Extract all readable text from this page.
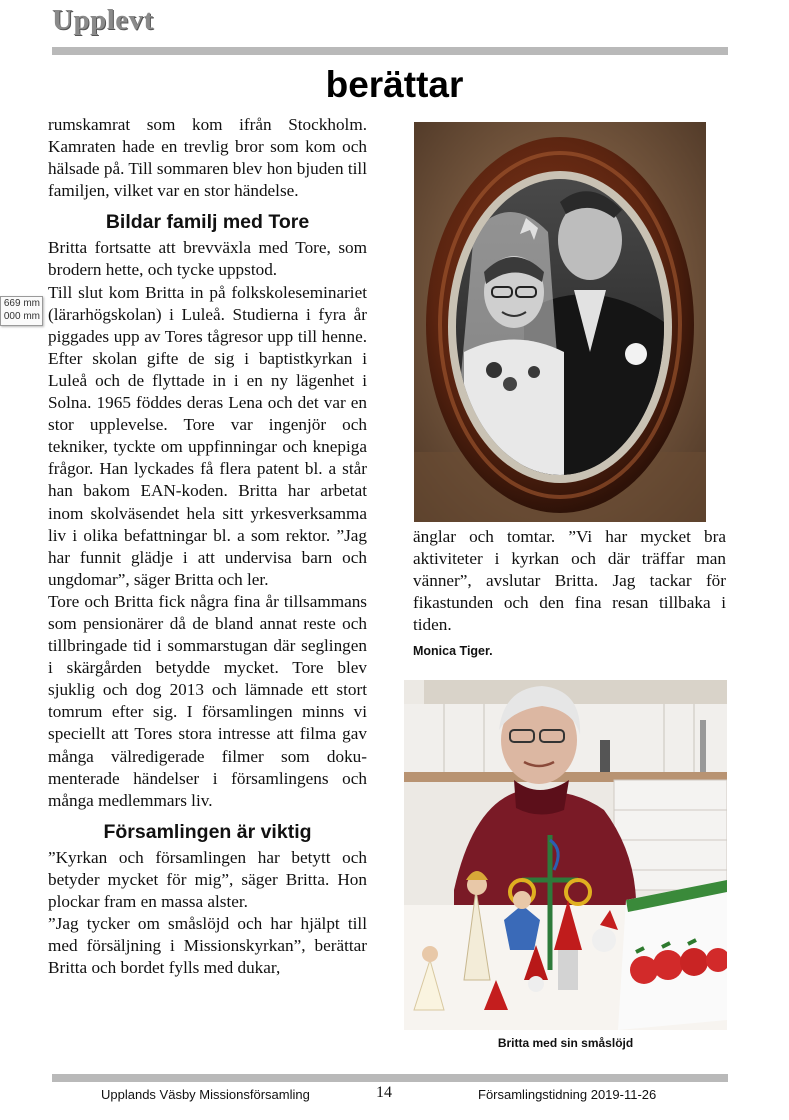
Upplevt
berättar
669 mm
000 mm

rumskamrat som kom ifrån Stockholm. Kamraten hade en trevlig bror som kom och hälsade på. Till sommaren blev hon bjuden till familjen, vilket var en stor händelse.

Bildar familj med Tore

Britta fortsatte att brevväxla med Tore, som brodern hette, och tycke uppstod.

Till slut kom Britta in på folkskoleseminariet (lärarhögskolan) i Luleå. Studierna i fyra år piggades upp av Tores tågresor upp till henne. Efter skolan gifte de sig i baptistkyrkan i Luleå och de flyttade in i en ny lägenhet i Solna. 1965 föddes deras Lena och det var en stor upplevelse. Tore var ingenjör och tekniker, tyckte om uppfinningar och knepiga frågor. Han lyckades få flera patent bl. a står han bakom EAN-koden. Britta har arbetat inom skolväsendet hela sitt yrkesverksamma liv i olika befattningar bl. a som rektor. ”Jag har funnit glädje i att undervisa barn och ungdomar”, säger Britta och ler.

Tore och Britta fick några fina år tillsammans som pensionärer då de bland annat reste och tillbringade tid i sommarstugan där seglingen i skärgården betydde mycket. Tore blev sjuklig och dog 2013 och lämnade ett stort tomrum efter sig. I församlingen minns vi speciellt att Tores stora intresse att filma gav många välredigerade filmer som dokumenterade händelser i församlingens och många medlemmars liv.

Församlingen är viktig

”Kyrkan och församlingen har betytt och betyder mycket för mig”, säger Britta. Hon plockar fram en massa alster.

”Jag tycker om småslöjd och har hjälpt till med försäljning i Missionskyrkan”, berättar Britta och bordet fylls med dukar,

änglar och tomtar. ”Vi har mycket bra aktiviteter i kyrkan och där träffar man vänner”, avslutar Britta. Jag tackar för fikastunden och den fina resan tillbaka i tiden.

Monica Tiger.
Britta med sin småslöjd
Upplands Väsby Missionsförsamling	14	Församlingstidning 2019-11-26
